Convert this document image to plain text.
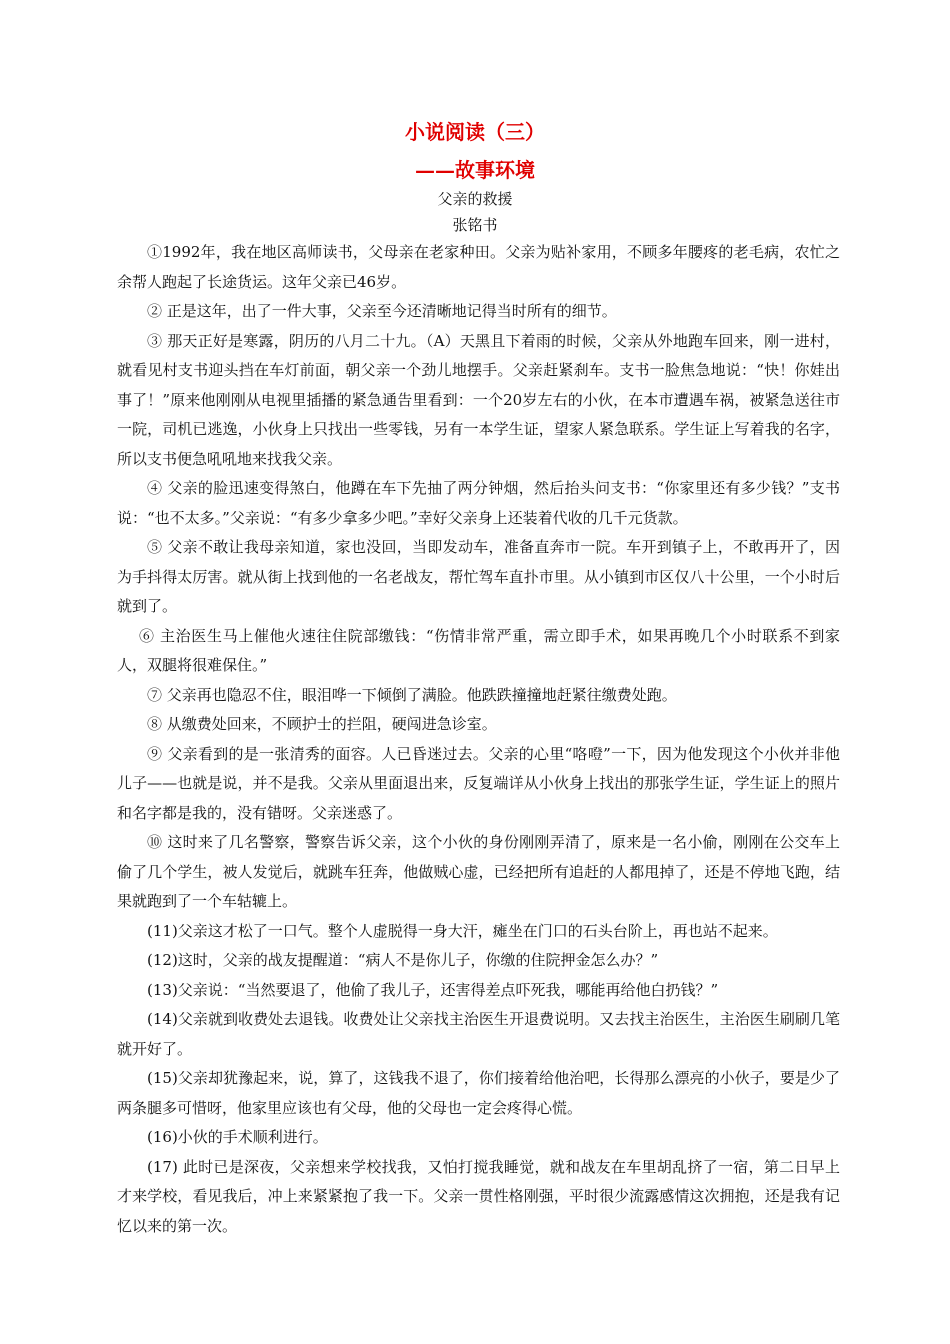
小说阅读（三）
——故事环境
父亲的救援
张铭书

①1992年，我在地区高师读书，父母亲在老家种田。父亲为贴补家用，不顾多年腰疼的老毛病，农忙之余帮人跑起了长途货运。这年父亲已46岁。

② 正是这年，出了一件大事，父亲至今还清晰地记得当时所有的细节。

③ 那天正好是寒露，阴历的八月二十九。（A）天黑且下着雨的时候，父亲从外地跑车回来，刚一进村，就看见村支书迎头挡在车灯前面，朝父亲一个劲儿地摆手。父亲赶紧刹车。支书一脸焦急地说：“快！你娃出事了！”原来他刚刚从电视里插播的紧急通告里看到：一个20岁左右的小伙，在本市遭遇车祸，被紧急送往市一院，司机已逃逸，小伙身上只找出一些零钱，另有一本学生证，望家人紧急联系。学生证上写着我的名字，所以支书便急吼吼地来找我父亲。

④ 父亲的脸迅速变得煞白，他蹲在车下先抽了两分钟烟，然后抬头问支书：“你家里还有多少钱？”支书说：“也不太多。”父亲说：“有多少拿多少吧。”幸好父亲身上还装着代收的几千元货款。

⑤ 父亲不敢让我母亲知道，家也没回，当即发动车，准备直奔市一院。车开到镇子上，不敢再开了，因为手抖得太厉害。就从街上找到他的一名老战友，帮忙驾车直扑市里。从小镇到市区仅八十公里，一个小时后就到了。

⑥ 主治医生马上催他火速往住院部缴钱：“伤情非常严重，需立即手术，如果再晚几个小时联系不到家人，双腿将很难保住。”

⑦ 父亲再也隐忍不住，眼泪哗一下倾倒了满脸。他跌跌撞撞地赶紧往缴费处跑。

⑧ 从缴费处回来，不顾护士的拦阻，硬闯进急诊室。

⑨ 父亲看到的是一张清秀的面容。人已昏迷过去。父亲的心里“咯噔”一下，因为他发现这个小伙并非他儿子——也就是说，并不是我。父亲从里面退出来，反复端详从小伙身上找出的那张学生证，学生证上的照片和名字都是我的，没有错呀。父亲迷惑了。

⑩ 这时来了几名警察，警察告诉父亲，这个小伙的身份刚刚弄清了，原来是一名小偷，刚刚在公交车上偷了几个学生，被人发觉后，就跳车狂奔，他做贼心虚，已经把所有追赶的人都甩掉了，还是不停地飞跑，结果就跑到了一个车轱辘上。

(11)父亲这才松了一口气。整个人虚脱得一身大汗，瘫坐在门口的石头台阶上，再也站不起来。

(12)这时，父亲的战友提醒道：“病人不是你儿子，你缴的住院押金怎么办？”

(13)父亲说：“当然要退了，他偷了我儿子，还害得差点吓死我，哪能再给他白扔钱？”

(14)父亲就到收费处去退钱。收费处让父亲找主治医生开退费说明。又去找主治医生，主治医生刷刷几笔就开好了。

(15)父亲却犹豫起来，说，算了，这钱我不退了，你们接着给他治吧，长得那么漂亮的小伙子，要是少了两条腿多可惜呀，他家里应该也有父母，他的父母也一定会疼得心慌。

(16)小伙的手术顺利进行。

(17) 此时已是深夜，父亲想来学校找我，又怕打搅我睡觉，就和战友在车里胡乱挤了一宿，第二日早上才来学校，看见我后，冲上来紧紧抱了我一下。父亲一贯性格刚强，平时很少流露感情这次拥抱，还是我有记忆以来的第一次。
